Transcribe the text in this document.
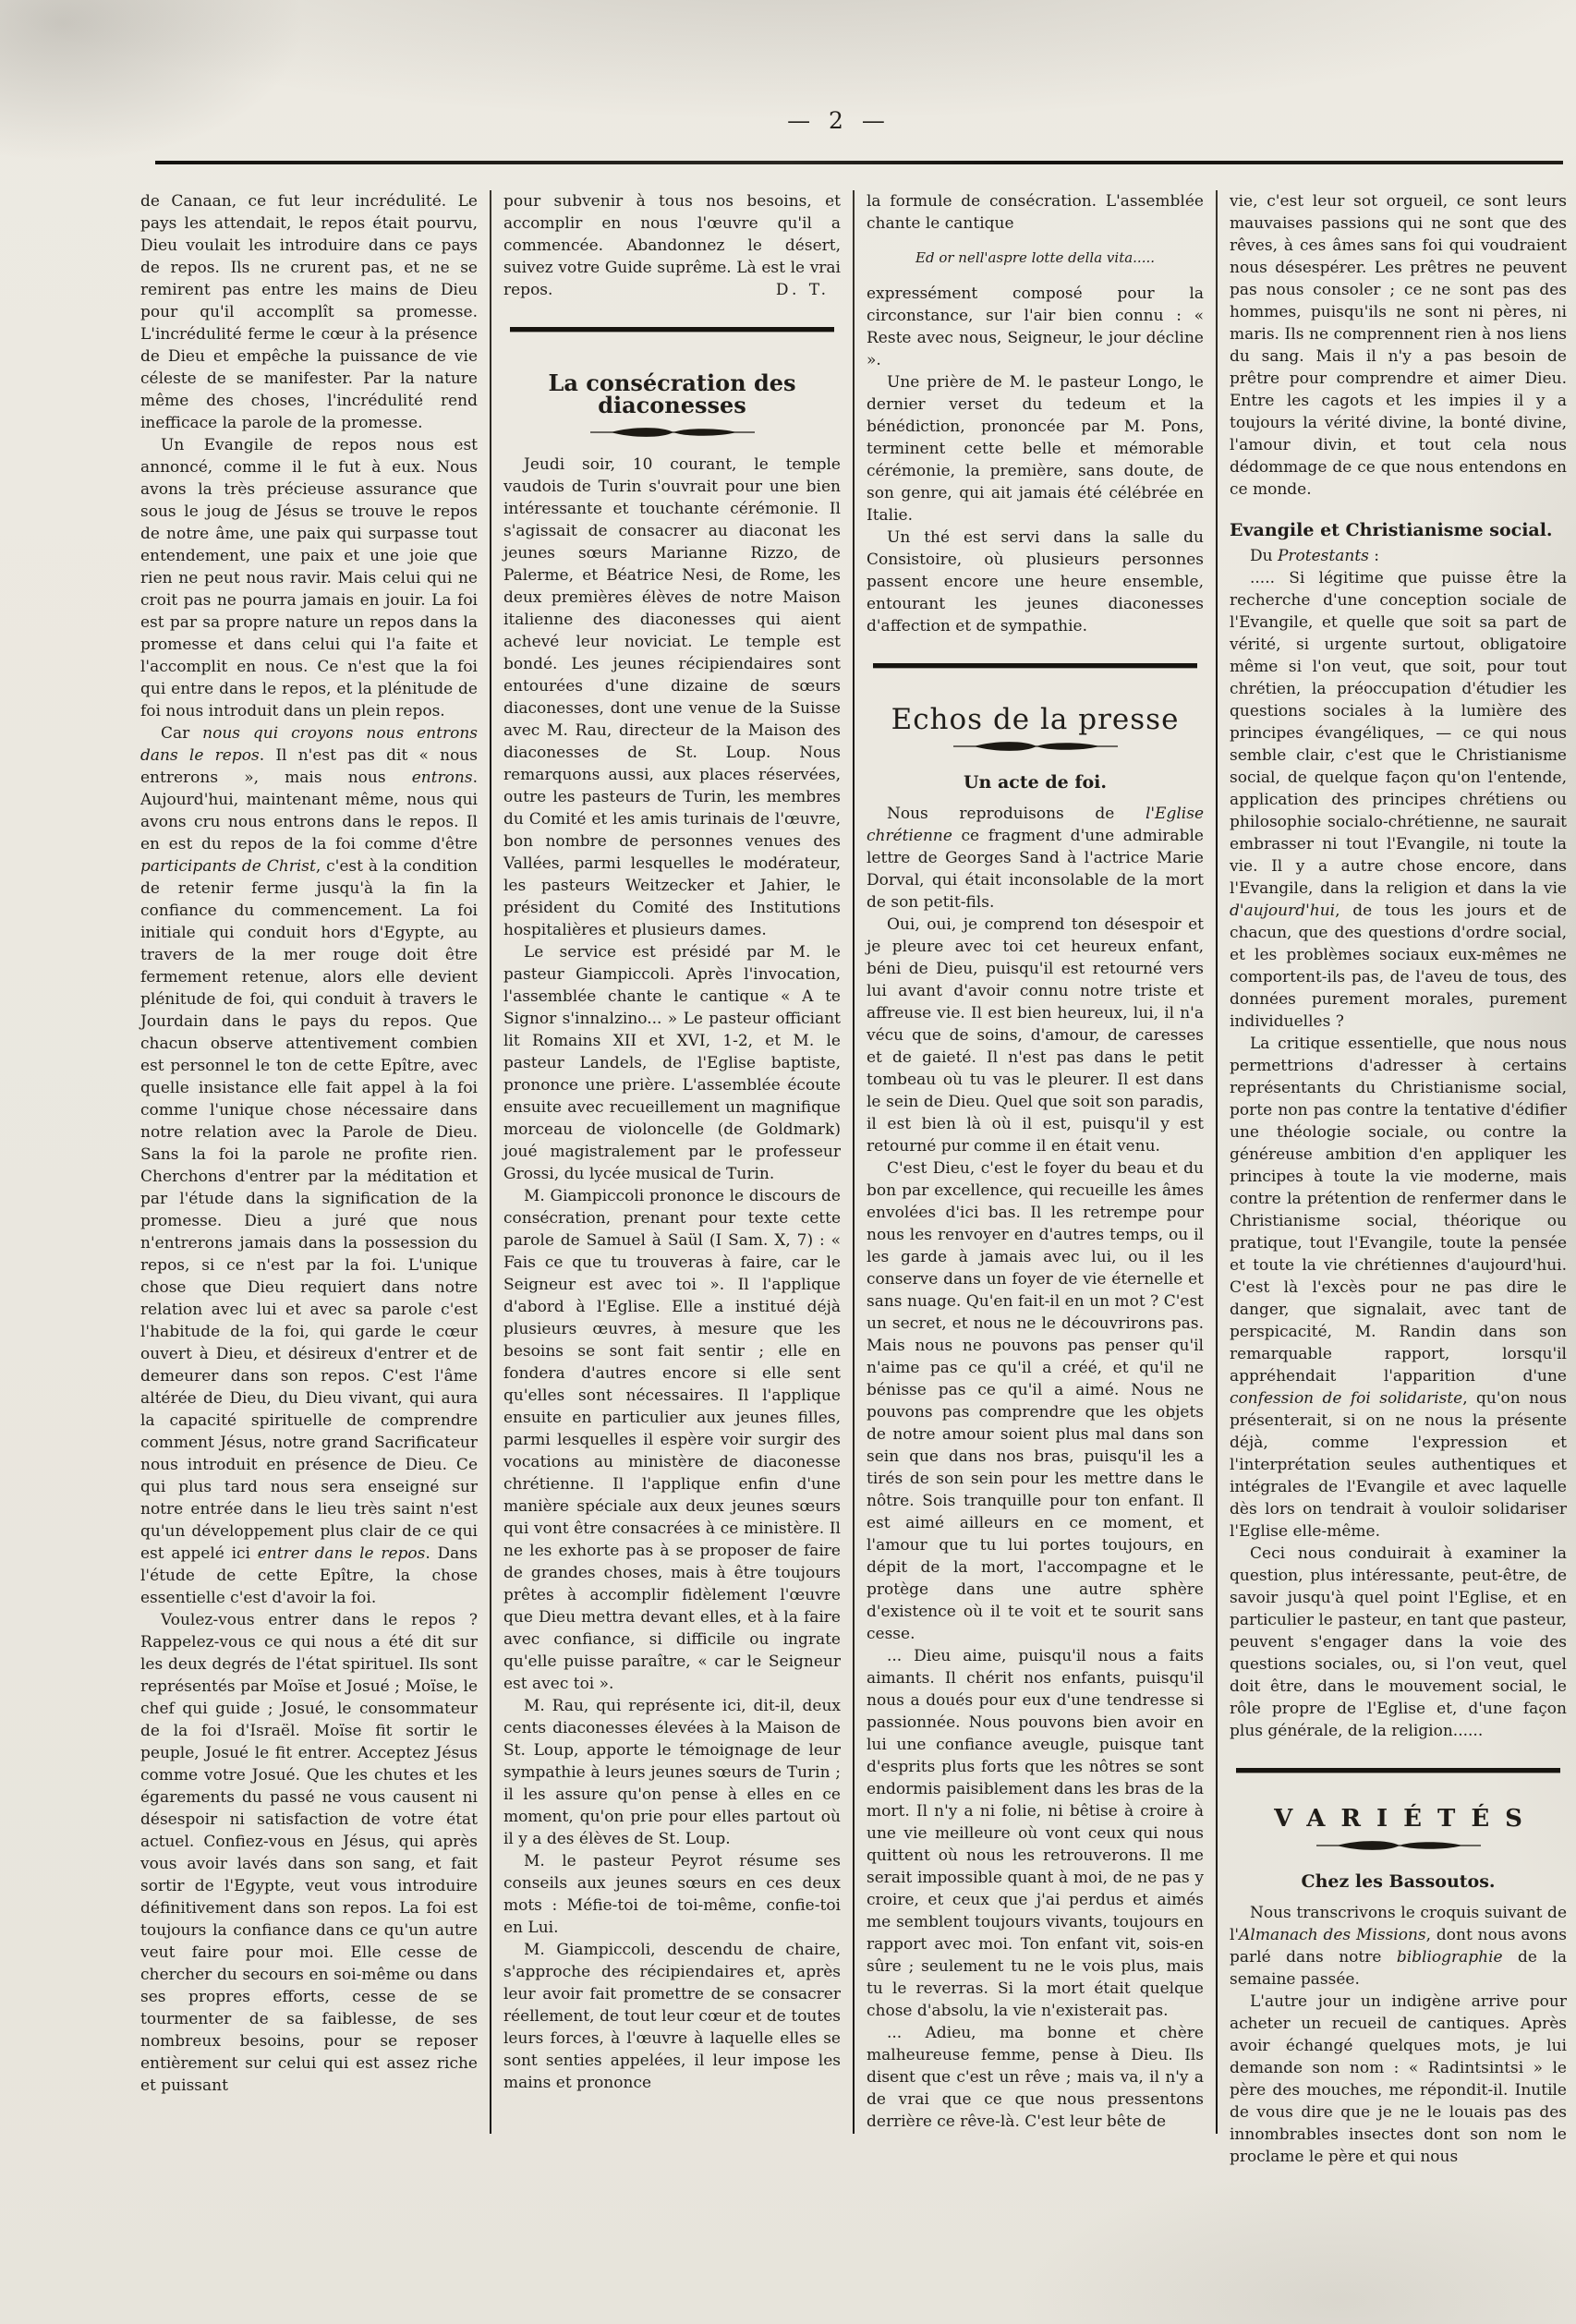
— 2 —

de Canaan, ce fut leur incrédulité. Le pays les attendait, le repos était pourvu, Dieu voulait les introduire dans ce pays de repos. Ils ne crurent pas, et ne se remirent pas entre les mains de Dieu pour qu'il accomplît sa promesse. L'incrédulité ferme le cœur à la présence de Dieu et empêche la puissance de vie céleste de se manifester. Par la nature même des choses, l'incrédulité rend inefficace la parole de la promesse.

Un Evangile de repos nous est annoncé, comme il le fut à eux. Nous avons la très précieuse assurance que sous le joug de Jésus se trouve le repos de notre âme, une paix qui surpasse tout entendement, une paix et une joie que rien ne peut nous ravir. Mais celui qui ne croit pas ne pourra jamais en jouir. La foi est par sa propre nature un repos dans la promesse et dans celui qui l'a faite et l'accomplit en nous. Ce n'est que la foi qui entre dans le repos, et la plénitude de foi nous introduit dans un plein repos.

Car nous qui croyons nous entrons dans le repos. Il n'est pas dit « nous entrerons », mais nous entrons. Aujourd'hui, maintenant même, nous qui avons cru nous entrons dans le repos. Il en est du repos de la foi comme d'être participants de Christ, c'est à la condition de retenir ferme jusqu'à la fin la confiance du commencement. La foi initiale qui conduit hors d'Egypte, au travers de la mer rouge doit être fermement retenue, alors elle devient plénitude de foi, qui conduit à travers le Jourdain dans le pays du repos. Que chacun observe attentivement combien est personnel le ton de cette Epître, avec quelle insistance elle fait appel à la foi comme l'unique chose nécessaire dans notre relation avec la Parole de Dieu. Sans la foi la parole ne profite rien. Cherchons d'entrer par la méditation et par l'étude dans la signification de la promesse. Dieu a juré que nous n'entrerons jamais dans la possession du repos, si ce n'est par la foi. L'unique chose que Dieu requiert dans notre relation avec lui et avec sa parole c'est l'habitude de la foi, qui garde le cœur ouvert à Dieu, et désireux d'entrer et de demeurer dans son repos. C'est l'âme altérée de Dieu, du Dieu vivant, qui aura la capacité spirituelle de comprendre comment Jésus, notre grand Sacrificateur nous introduit en présence de Dieu. Ce qui plus tard nous sera enseigné sur notre entrée dans le lieu très saint n'est qu'un développement plus clair de ce qui est appelé ici entrer dans le repos. Dans l'étude de cette Epître, la chose essentielle c'est d'avoir la foi.

Voulez-vous entrer dans le repos ? Rappelez-vous ce qui nous a été dit sur les deux degrés de l'état spirituel. Ils sont représentés par Moïse et Josué ; Moïse, le chef qui guide ; Josué, le consommateur de la foi d'Israël. Moïse fit sortir le peuple, Josué le fit entrer. Acceptez Jésus comme votre Josué. Que les chutes et les égarements du passé ne vous causent ni désespoir ni satisfaction de votre état actuel. Confiez-vous en Jésus, qui après vous avoir lavés dans son sang, et fait sortir de l'Egypte, veut vous introduire définitivement dans son repos. La foi est toujours la confiance dans ce qu'un autre veut faire pour moi. Elle cesse de chercher du secours en soi-même ou dans ses propres efforts, cesse de se tourmenter de sa faiblesse, de ses nombreux besoins, pour se reposer entièrement sur celui qui est assez riche et puissant

pour subvenir à tous nos besoins, et accomplir en nous l'œuvre qu'il a commencée. Abandonnez le désert, suivez votre Guide suprême. Là est le vrai repos.	D. T.
La consécration des diaconesses

Jeudi soir, 10 courant, le temple vaudois de Turin s'ouvrait pour une bien intéressante et touchante cérémonie. Il s'agissait de consacrer au diaconat les jeunes sœurs Marianne Rizzo, de Palerme, et Béatrice Nesi, de Rome, les deux premières élèves de notre Maison italienne des diaconesses qui aient achevé leur noviciat. Le temple est bondé. Les jeunes récipiendaires sont entourées d'une dizaine de sœurs diaconesses, dont une venue de la Suisse avec M. Rau, directeur de la Maison des diaconesses de St. Loup. Nous remarquons aussi, aux places réservées, outre les pasteurs de Turin, les membres du Comité et les amis turinais de l'œuvre, bon nombre de personnes venues des Vallées, parmi lesquelles le modérateur, les pasteurs Weitzecker et Jahier, le président du Comité des Institutions hospitalières et plusieurs dames.

Le service est présidé par M. le pasteur Giampiccoli. Après l'invocation, l'assemblée chante le cantique « A te Signor s'innalzino... » Le pasteur officiant lit Romains XII et XVI, 1-2, et M. le pasteur Landels, de l'Eglise baptiste, prononce une prière. L'assemblée écoute ensuite avec recueillement un magnifique morceau de violoncelle (de Goldmark) joué magistralement par le professeur Grossi, du lycée musical de Turin.

M. Giampiccoli prononce le discours de consécration, prenant pour texte cette parole de Samuel à Saül (I Sam. X, 7) : « Fais ce que tu trouveras à faire, car le Seigneur est avec toi ». Il l'applique d'abord à l'Eglise. Elle a institué déjà plusieurs œuvres, à mesure que les besoins se sont fait sentir ; elle en fondera d'autres encore si elle sent qu'elles sont nécessaires. Il l'applique ensuite en particulier aux jeunes filles, parmi lesquelles il espère voir surgir des vocations au ministère de diaconesse chrétienne. Il l'applique enfin d'une manière spéciale aux deux jeunes sœurs qui vont être consacrées à ce ministère. Il ne les exhorte pas à se proposer de faire de grandes choses, mais à être toujours prêtes à accomplir fidèlement l'œuvre que Dieu mettra devant elles, et à la faire avec confiance, si difficile ou ingrate qu'elle puisse paraître, « car le Seigneur est avec toi ».

M. Rau, qui représente ici, dit-il, deux cents diaconesses élevées à la Maison de St. Loup, apporte le témoignage de leur sympathie à leurs jeunes sœurs de Turin ; il les assure qu'on pense à elles en ce moment, qu'on prie pour elles partout où il y a des élèves de St. Loup.

M. le pasteur Peyrot résume ses conseils aux jeunes sœurs en ces deux mots : Méfie-toi de toi-même, confie-toi en Lui.

M. Giampiccoli, descendu de chaire, s'approche des récipiendaires et, après leur avoir fait promettre de se consacrer réellement, de tout leur cœur et de toutes leurs forces, à l'œuvre à laquelle elles se sont senties appelées, il leur impose les mains et prononce

la formule de consécration. L'assemblée chante le cantique

Ed or nell'aspre lotte della vita.....

expressément composé pour la circonstance, sur l'air bien connu : « Reste avec nous, Seigneur, le jour décline ».

Une prière de M. le pasteur Longo, le dernier verset du tedeum et la bénédiction, prononcée par M. Pons, terminent cette belle et mémorable cérémonie, la première, sans doute, de son genre, qui ait jamais été célébrée en Italie.

Un thé est servi dans la salle du Consistoire, où plusieurs personnes passent encore une heure ensemble, entourant les jeunes diaconesses d'affection et de sympathie.

Echos de la presse
Un acte de foi.

Nous reproduisons de l'Eglise chrétienne ce fragment d'une admirable lettre de Georges Sand à l'actrice Marie Dorval, qui était inconsolable de la mort de son petit-fils.

Oui, oui, je comprend ton désespoir et je pleure avec toi cet heureux enfant, béni de Dieu, puisqu'il est retourné vers lui avant d'avoir connu notre triste et affreuse vie. Il est bien heureux, lui, il n'a vécu que de soins, d'amour, de caresses et de gaieté. Il n'est pas dans le petit tombeau où tu vas le pleurer. Il est dans le sein de Dieu. Quel que soit son paradis, il est bien là où il est, puisqu'il y est retourné pur comme il en était venu.

C'est Dieu, c'est le foyer du beau et du bon par excellence, qui recueille les âmes envolées d'ici bas. Il les retrempe pour nous les renvoyer en d'autres temps, ou il les garde à jamais avec lui, ou il les conserve dans un foyer de vie éternelle et sans nuage. Qu'en fait-il en un mot ? C'est un secret, et nous ne le découvrirons pas. Mais nous ne pouvons pas penser qu'il n'aime pas ce qu'il a créé, et qu'il ne bénisse pas ce qu'il a aimé. Nous ne pouvons pas comprendre que les objets de notre amour soient plus mal dans son sein que dans nos bras, puisqu'il les a tirés de son sein pour les mettre dans le nôtre. Sois tranquille pour ton enfant. Il est aimé ailleurs en ce moment, et l'amour que tu lui portes toujours, en dépit de la mort, l'accompagne et le protège dans une autre sphère d'existence où il te voit et te sourit sans cesse.

... Dieu aime, puisqu'il nous a faits aimants. Il chérit nos enfants, puisqu'il nous a doués pour eux d'une tendresse si passionnée. Nous pouvons bien avoir en lui une confiance aveugle, puisque tant d'esprits plus forts que les nôtres se sont endormis paisiblement dans les bras de la mort. Il n'y a ni folie, ni bêtise à croire à une vie meilleure où vont ceux qui nous quittent où nous les retrouverons. Il me serait impossible quant à moi, de ne pas y croire, et ceux que j'ai perdus et aimés me semblent toujours vivants, toujours en rapport avec moi. Ton enfant vit, sois-en sûre ; seulement tu ne le vois plus, mais tu le reverras. Si la mort était quelque chose d'absolu, la vie n'existerait pas.

... Adieu, ma bonne et chère malheureuse femme, pense à Dieu. Ils disent que c'est un rêve ; mais va, il n'y a de vrai que ce que nous pressentons derrière ce rêve-là. C'est leur bête de

vie, c'est leur sot orgueil, ce sont leurs mauvaises passions qui ne sont que des rêves, à ces âmes sans foi qui voudraient nous désespérer. Les prêtres ne peuvent pas nous consoler ; ce ne sont pas des hommes, puisqu'ils ne sont ni pères, ni maris. Ils ne comprennent rien à nos liens du sang. Mais il n'y a pas besoin de prêtre pour comprendre et aimer Dieu. Entre les cagots et les impies il y a toujours la vérité divine, la bonté divine, l'amour divin, et tout cela nous dédommage de ce que nous entendons en ce monde.

Evangile et Christianisme social.

Du Protestants :

..... Si légitime que puisse être la recherche d'une conception sociale de l'Evangile, et quelle que soit sa part de vérité, si urgente surtout, obligatoire même si l'on veut, que soit, pour tout chrétien, la préoccupation d'étudier les questions sociales à la lumière des principes évangéliques, — ce qui nous semble clair, c'est que le Christianisme social, de quelque façon qu'on l'entende, application des principes chrétiens ou philosophie socialo-chrétienne, ne saurait embrasser ni tout l'Evangile, ni toute la vie. Il y a autre chose encore, dans l'Evangile, dans la religion et dans la vie d'aujourd'hui, de tous les jours et de chacun, que des questions d'ordre social, et les problèmes sociaux eux-mêmes ne comportent-ils pas, de l'aveu de tous, des données purement morales, purement individuelles ?

La critique essentielle, que nous nous permettrions d'adresser à certains représentants du Christianisme social, porte non pas contre la tentative d'édifier une théologie sociale, ou contre la généreuse ambition d'en appliquer les principes à toute la vie moderne, mais contre la prétention de renfermer dans le Christianisme social, théorique ou pratique, tout l'Evangile, toute la pensée et toute la vie chrétiennes d'aujourd'hui. C'est là l'excès pour ne pas dire le danger, que signalait, avec tant de perspicacité, M. Randin dans son remarquable rapport, lorsqu'il appréhendait l'apparition d'une confession de foi solidariste, qu'on nous présenterait, si on ne nous la présente déjà, comme l'expression et l'interprétation seules authentiques et intégrales de l'Evangile et avec laquelle dès lors on tendrait à vouloir solidariser l'Eglise elle-même.

Ceci nous conduirait à examiner la question, plus intéressante, peut-être, de savoir jusqu'à quel point l'Eglise, et en particulier le pasteur, en tant que pasteur, peuvent s'engager dans la voie des questions sociales, ou, si l'on veut, quel doit être, dans le mouvement social, le rôle propre de l'Eglise et, d'une façon plus générale, de la religion......

VARIÉTÉS
Chez les Bassoutos.

Nous transcrivons le croquis suivant de l'Almanach des Missions, dont nous avons parlé dans notre bibliographie de la semaine passée.

L'autre jour un indigène arrive pour acheter un recueil de cantiques. Après avoir échangé quelques mots, je lui demande son nom : « Radintsintsi » le père des mouches, me répondit-il. Inutile de vous dire que je ne le louais pas des innombrables insectes dont son nom le proclame le père et qui nous
